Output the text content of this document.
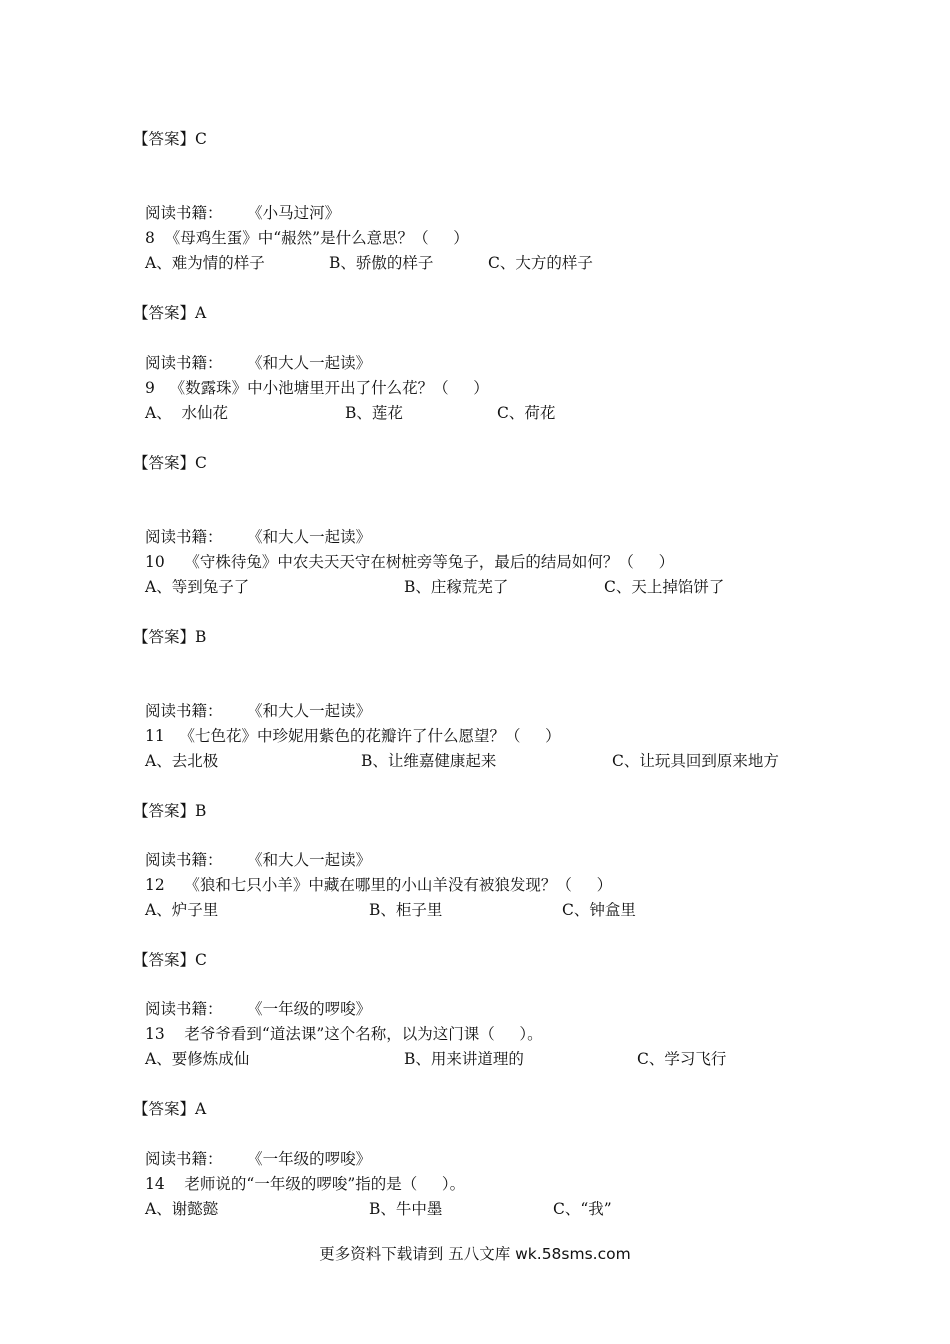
【答案】C
阅读书籍：     《小马过河》
8  《母鸡生蛋》中“赧然”是什么意思？（     ）
A、难为情的样子	B、骄傲的样子	C、大方的样子
【答案】A
阅读书籍：     《和大人一起读》
9   《数露珠》中小池塘里开出了什么花？（     ）
A、  水仙花	B、莲花	C、荷花
【答案】C
阅读书籍：     《和大人一起读》
10    《守株待兔》中农夫天天守在树桩旁等兔子，最后的结局如何？（     ）
A、等到兔子了	B、庄稼荒芜了	C、天上掉馅饼了
【答案】B
阅读书籍：     《和大人一起读》
11   《七色花》中珍妮用紫色的花瓣许了什么愿望？（     ）
A、去北极	B、让维嘉健康起来	C、让玩具回到原来地方
【答案】B
阅读书籍：     《和大人一起读》
12    《狼和七只小羊》中藏在哪里的小山羊没有被狼发现？（     ）
A、炉子里	B、柜子里	C、钟盒里
【答案】C
阅读书籍：     《一年级的啰唆》
13    老爷爷看到“道法课”这个名称，以为这门课（     ）。
A、要修炼成仙	B、用来讲道理的	C、学习飞行
【答案】A
阅读书籍：     《一年级的啰唆》
14    老师说的“一年级的啰唆”指的是（     ）。
A、谢懿懿	B、牛中墨	C、“我”
更多资料下载请到 五八文库 wk.58sms.com
